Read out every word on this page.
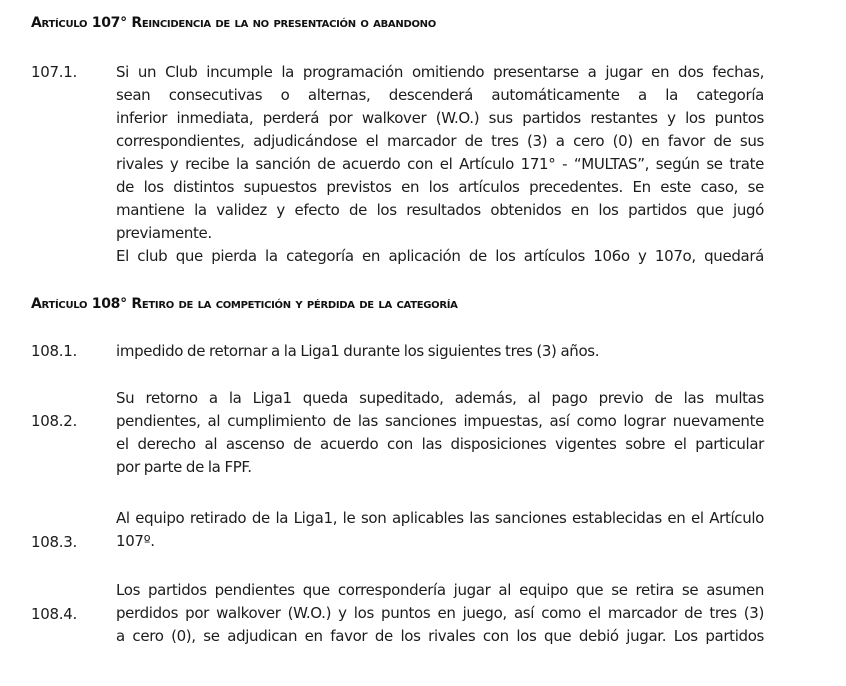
Artículo 107° Reincidencia de la no presentación o abandono
107.1.	Si un Club incumple la programación omitiendo presentarse a jugar en dos fechas,
sean consecutivas o alternas, descenderá automáticamente a la categoría
inferior inmediata, perderá por walkover (W.O.) sus partidos restantes y los puntos
correspondientes, adjudicándose el marcador de tres (3) a cero (0) en favor de sus
rivales y recibe la sanción de acuerdo con el Artículo 171° - “MULTAS”, según se trate
de los distintos supuestos previstos en los artículos precedentes. En este caso, se
mantiene la validez y efecto de los resultados obtenidos en los partidos que jugó
previamente.
El club que pierda la categoría en aplicación de los artículos 106o y 107o, quedará
Artículo 108° Retiro de la competición y pérdida de la categoría
108.1.	impedido de retornar a la Liga1 durante los siguientes tres (3) años.
108.2.
Su retorno a la Liga1 queda supeditado, además, al pago previo de las multas
pendientes, al cumplimiento de las sanciones impuestas, así como lograr nuevamente
el derecho al ascenso de acuerdo con las disposiciones vigentes sobre el particular
por parte de la FPF.
108.3.
Al equipo retirado de la Liga1, le son aplicables las sanciones establecidas en el Artículo
107º.
108.4.
Los partidos pendientes que correspondería jugar al equipo que se retira se asumen
perdidos por walkover (W.O.) y los puntos en juego, así como el marcador de tres (3)
a cero (0), se adjudican en favor de los rivales con los que debió jugar. Los partidos
